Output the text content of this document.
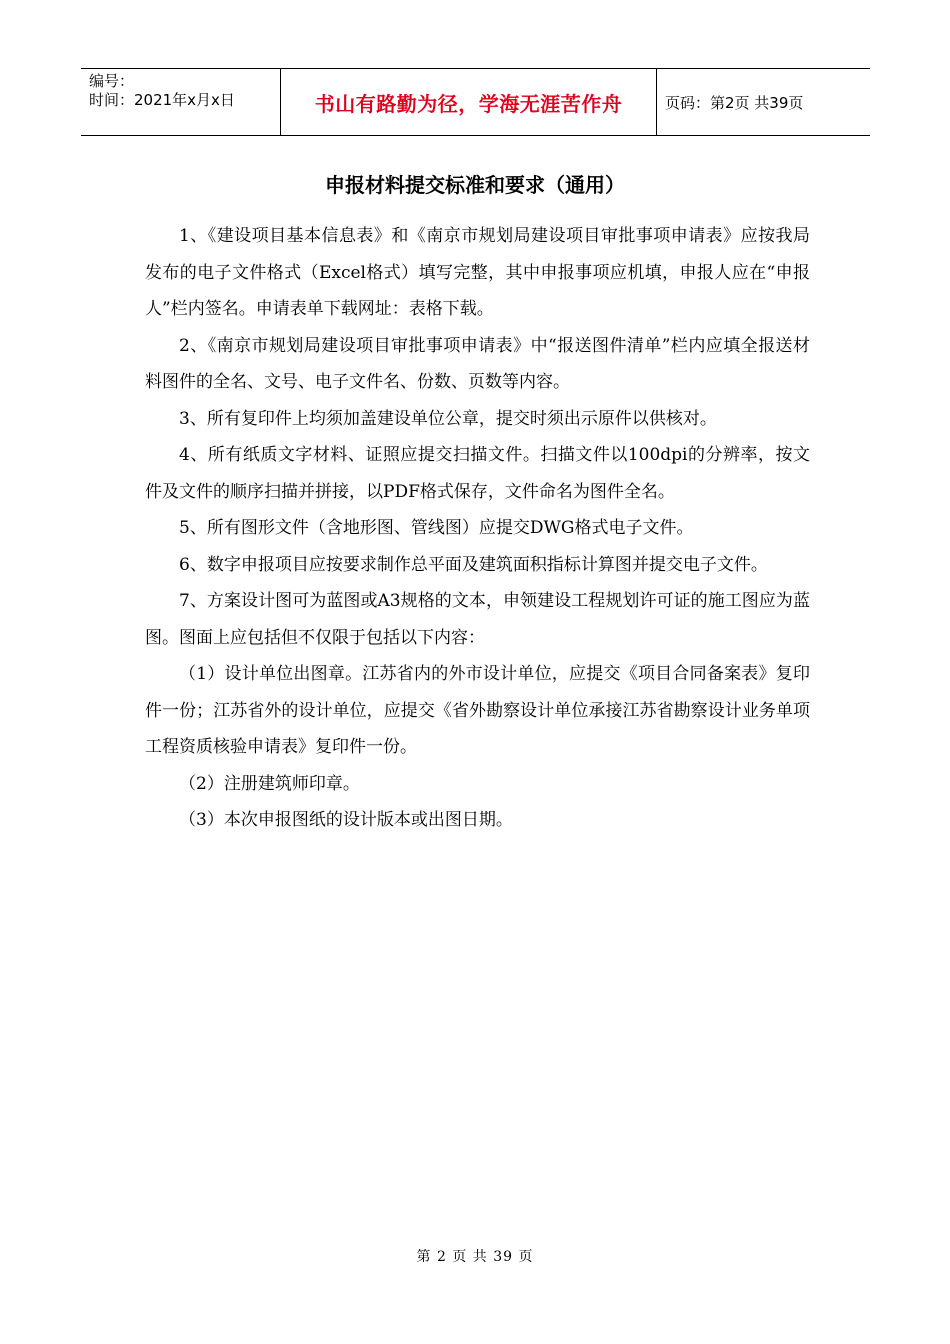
编号：
时间：2021年x月x日	书山有路勤为径，学海无涯苦作舟	页码：第2页 共39页
申报材料提交标准和要求（通用）

1、《建设项目基本信息表》和《南京市规划局建设项目审批事项申请表》应按我局发布的电子文件格式（Excel格式）填写完整，其中申报事项应机填，申报人应在“申报人”栏内签名。申请表单下载网址：表格下载。

2、《南京市规划局建设项目审批事项申请表》中“报送图件清单”栏内应填全报送材料图件的全名、文号、电子文件名、份数、页数等内容。

3、所有复印件上均须加盖建设单位公章，提交时须出示原件以供核对。

4、所有纸质文字材料、证照应提交扫描文件。扫描文件以100dpi的分辨率，按文件及文件的顺序扫描并拼接，以PDF格式保存，文件命名为图件全名。

5、所有图形文件（含地形图、管线图）应提交DWG格式电子文件。

6、数字申报项目应按要求制作总平面及建筑面积指标计算图并提交电子文件。

7、方案设计图可为蓝图或A3规格的文本，申领建设工程规划许可证的施工图应为蓝图。图面上应包括但不仅限于包括以下内容：

（1）设计单位出图章。江苏省内的外市设计单位，应提交《项目合同备案表》复印件一份；江苏省外的设计单位，应提交《省外勘察设计单位承接江苏省勘察设计业务单项工程资质核验申请表》复印件一份。

（2）注册建筑师印章。

（3）本次申报图纸的设计版本或出图日期。

第 2 页 共 39 页
